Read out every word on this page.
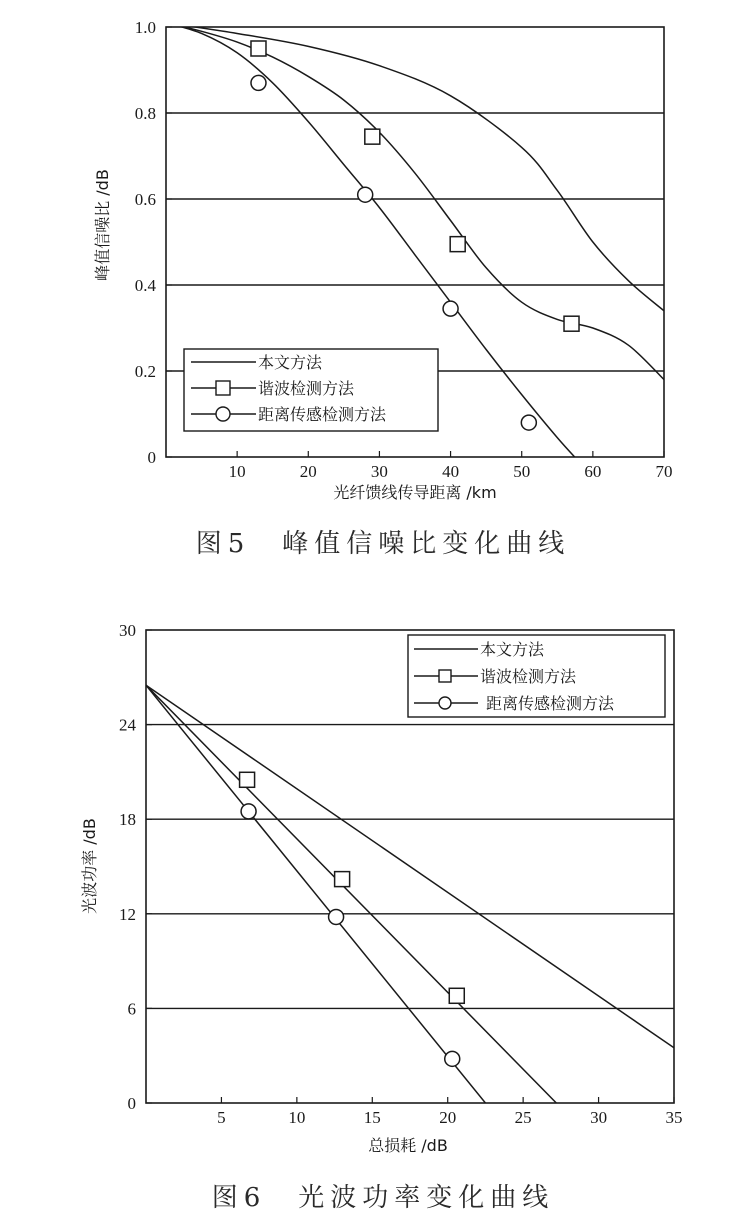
10	20	30	40	50	60	70
0
0.2
0.4
0.6
0.8
1.0
本文方法
谐波检测方法
距离传感检测方法
光纤馈线传导距离 /km
峰值信噪比 /dB
图5　峰值信噪比变化曲线
5	10	15	20	25	30	35
0
6
12
18
24
30
本文方法
谐波检测方法
距离传感检测方法
总损耗 /dB
光波功率 /dB
图6　光波功率变化曲线
